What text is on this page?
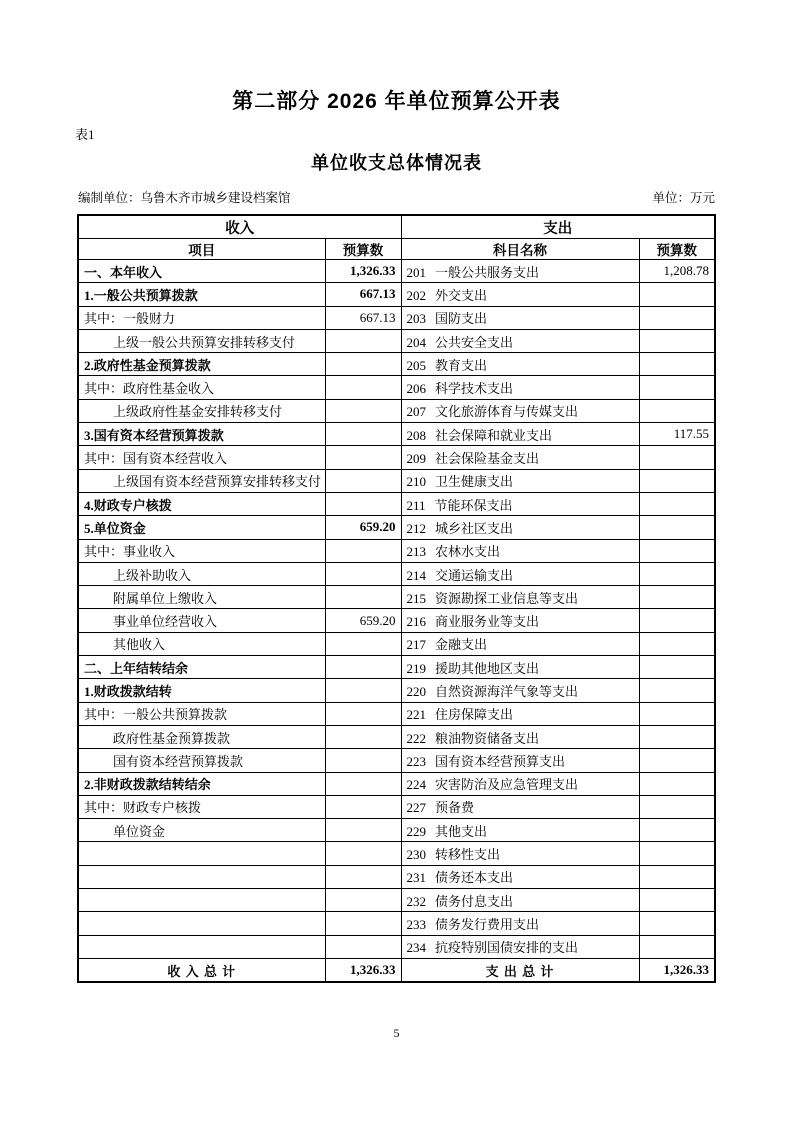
第二部分 2026 年单位预算公开表
表1
单位收支总体情况表
编制单位：乌鲁木齐市城乡建设档案馆	单位：万元
收入		支出	
项目	预算数	科目名称	预算数
一、本年收入	1,326.33	201 一般公共服务支出	1,208.78
1.一般公共预算拨款	667.13	202 外交支出	
其中：一般财力	667.13	203 国防支出	
上级一般公共预算安排转移支付		204 公共安全支出	
2.政府性基金预算拨款		205 教育支出	
其中：政府性基金收入		206 科学技术支出	
上级政府性基金安排转移支付		207 文化旅游体育与传媒支出	
3.国有资本经营预算拨款		208 社会保障和就业支出	117.55
其中：国有资本经营收入		209 社会保险基金支出	
上级国有资本经营预算安排转移支付		210 卫生健康支出	
4.财政专户核拨		211 节能环保支出	
5.单位资金	659.20	212 城乡社区支出	
其中：事业收入		213 农林水支出	
上级补助收入		214 交通运输支出	
附属单位上缴收入		215 资源勘探工业信息等支出	
事业单位经营收入	659.20	216 商业服务业等支出	
其他收入		217 金融支出	
二、上年结转结余		219 援助其他地区支出	
1.财政拨款结转		220 自然资源海洋气象等支出	
其中：一般公共预算拨款		221 住房保障支出	
政府性基金预算拨款		222 粮油物资储备支出	
国有资本经营预算拨款		223 国有资本经营预算支出	
2.非财政拨款结转结余		224 灾害防治及应急管理支出	
其中：财政专户核拨		227 预备费	
单位资金		229 其他支出	
		230 转移性支出	
		231 债务还本支出	
		232 债务付息支出	
		233 债务发行费用支出	
		234 抗疫特别国债安排的支出	
收 入 总 计	1,326.33	支 出 总 计	1,326.33
5
